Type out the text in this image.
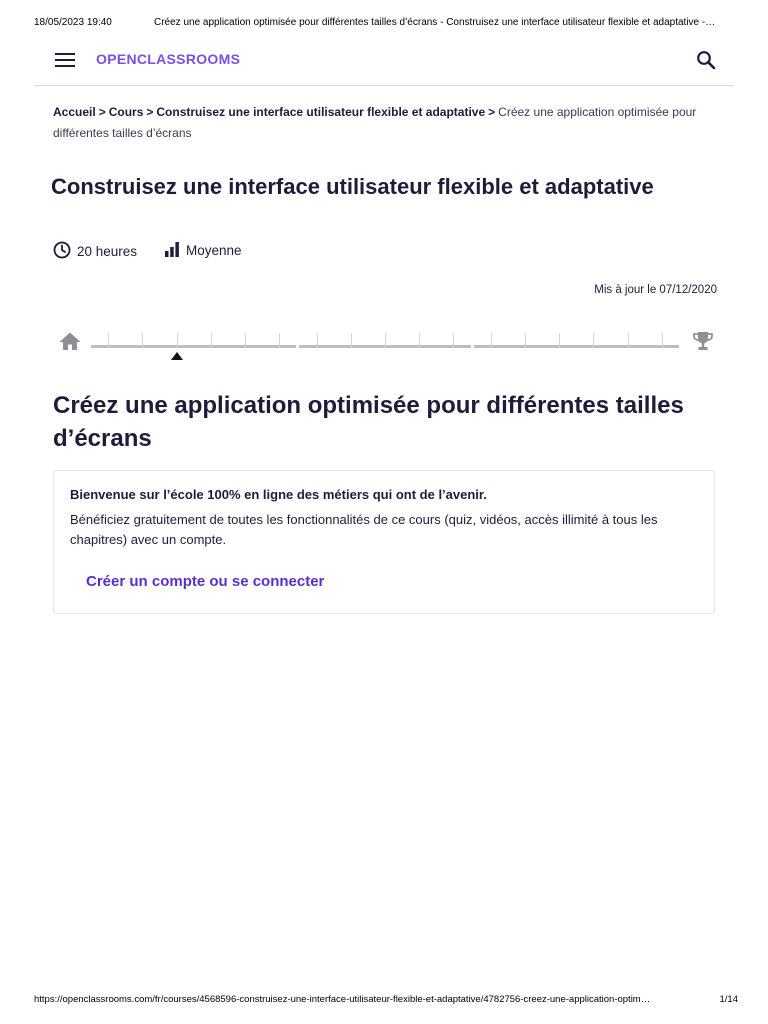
18/05/2023 19:40	Créez une application optimisée pour différentes tailles d’écrans - Construisez une interface utilisateur flexible et adaptative -…
OPENCLASSROOMS
Accueil > Cours > Construisez une interface utilisateur flexible et adaptative > Créez une application optimisée pour différentes tailles d’écrans
Construisez une interface utilisateur flexible et adaptative
20 heures	Moyenne
Mis à jour le 07/12/2020
Créez une application optimisée pour différentes tailles d’écrans
Bienvenue sur l’école 100% en ligne des métiers qui ont de l’avenir.
Bénéficiez gratuitement de toutes les fonctionnalités de ce cours (quiz, vidéos, accès illimité à tous les chapitres) avec un compte.
Créer un compte ou se connecter
https://openclassrooms.com/fr/courses/4568596-construisez-une-interface-utilisateur-flexible-et-adaptative/4782756-creez-une-application-optim…	1/14
